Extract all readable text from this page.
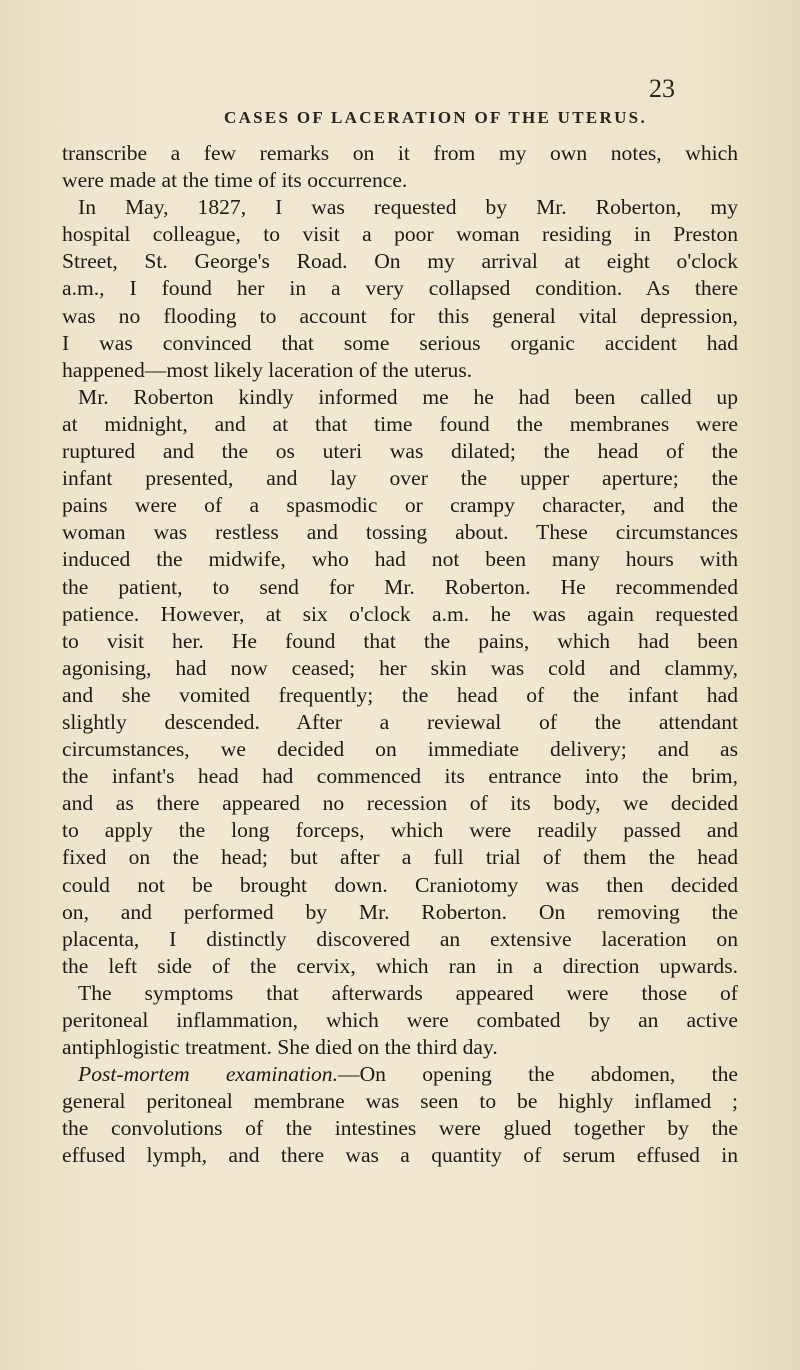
CASES OF LACERATION OF THE UTERUS.
23
transcribe a few remarks on it from my own notes, which
were made at the time of its occurrence.
In May, 1827, I was requested by Mr. Roberton, my
hospital colleague, to visit a poor woman residing in Preston
Street, St. George's Road. On my arrival at eight o'clock
a.m., I found her in a very collapsed condition. As there
was no flooding to account for this general vital depression,
I was convinced that some serious organic accident had
happened—most likely laceration of the uterus.
Mr. Roberton kindly informed me he had been called up
at midnight, and at that time found the membranes were
ruptured and the os uteri was dilated; the head of the
infant presented, and lay over the upper aperture; the
pains were of a spasmodic or crampy character, and the
woman was restless and tossing about. These circumstances
induced the midwife, who had not been many hours with
the patient, to send for Mr. Roberton. He recommended
patience. However, at six o'clock a.m. he was again requested
to visit her. He found that the pains, which had been
agonising, had now ceased; her skin was cold and clammy,
and she vomited frequently; the head of the infant had
slightly descended. After a reviewal of the attendant
circumstances, we decided on immediate delivery; and as
the infant's head had commenced its entrance into the brim,
and as there appeared no recession of its body, we decided
to apply the long forceps, which were readily passed and
fixed on the head; but after a full trial of them the head
could not be brought down. Craniotomy was then decided
on, and performed by Mr. Roberton. On removing the
placenta, I distinctly discovered an extensive laceration on
the left side of the cervix, which ran in a direction upwards.
The symptoms that afterwards appeared were those of
peritoneal inflammation, which were combated by an active
antiphlogistic treatment. She died on the third day.
Post-mortem examination.—On opening the abdomen, the
general peritoneal membrane was seen to be highly inflamed ;
the convolutions of the intestines were glued together by the
effused lymph, and there was a quantity of serum effused in
